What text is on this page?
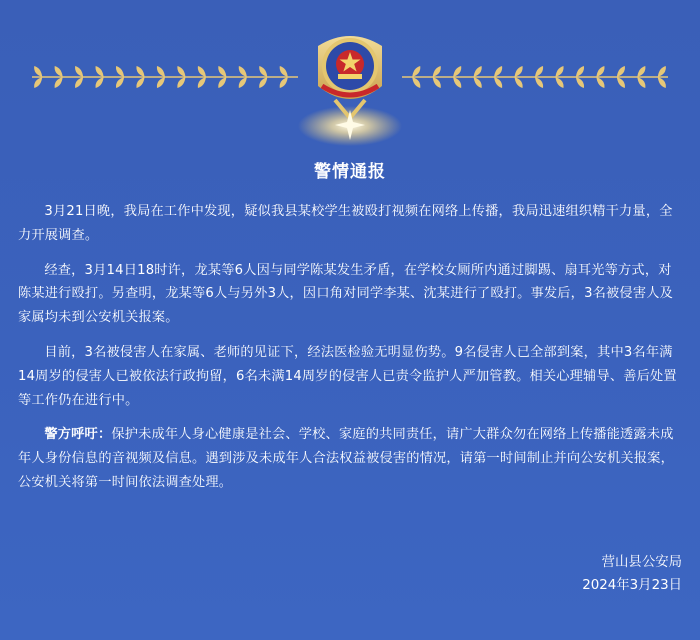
警情通报

3月21日晚，我局在工作中发现，疑似我县某校学生被殴打视频在网络上传播，我局迅速组织精干力量，全力开展调查。

经查，3月14日18时许，龙某等6人因与同学陈某发生矛盾，在学校女厕所内通过脚踢、扇耳光等方式，对陈某进行殴打。另查明，龙某等6人与另外3人，因口角对同学李某、沈某进行了殴打。事发后，3名被侵害人及家属均未到公安机关报案。

目前，3名被侵害人在家属、老师的见证下，经法医检验无明显伤势。9名侵害人已全部到案，其中3名年满14周岁的侵害人已被依法行政拘留，6名未满14周岁的侵害人已责令监护人严加管教。相关心理辅导、善后处置等工作仍在进行中。

警方呼吁：保护未成年人身心健康是社会、学校、家庭的共同责任，请广大群众勿在网络上传播能透露未成年人身份信息的音视频及信息。遇到涉及未成年人合法权益被侵害的情况，请第一时间制止并向公安机关报案，公安机关将第一时间依法调查处理。

营山县公安局
2024年3月23日
